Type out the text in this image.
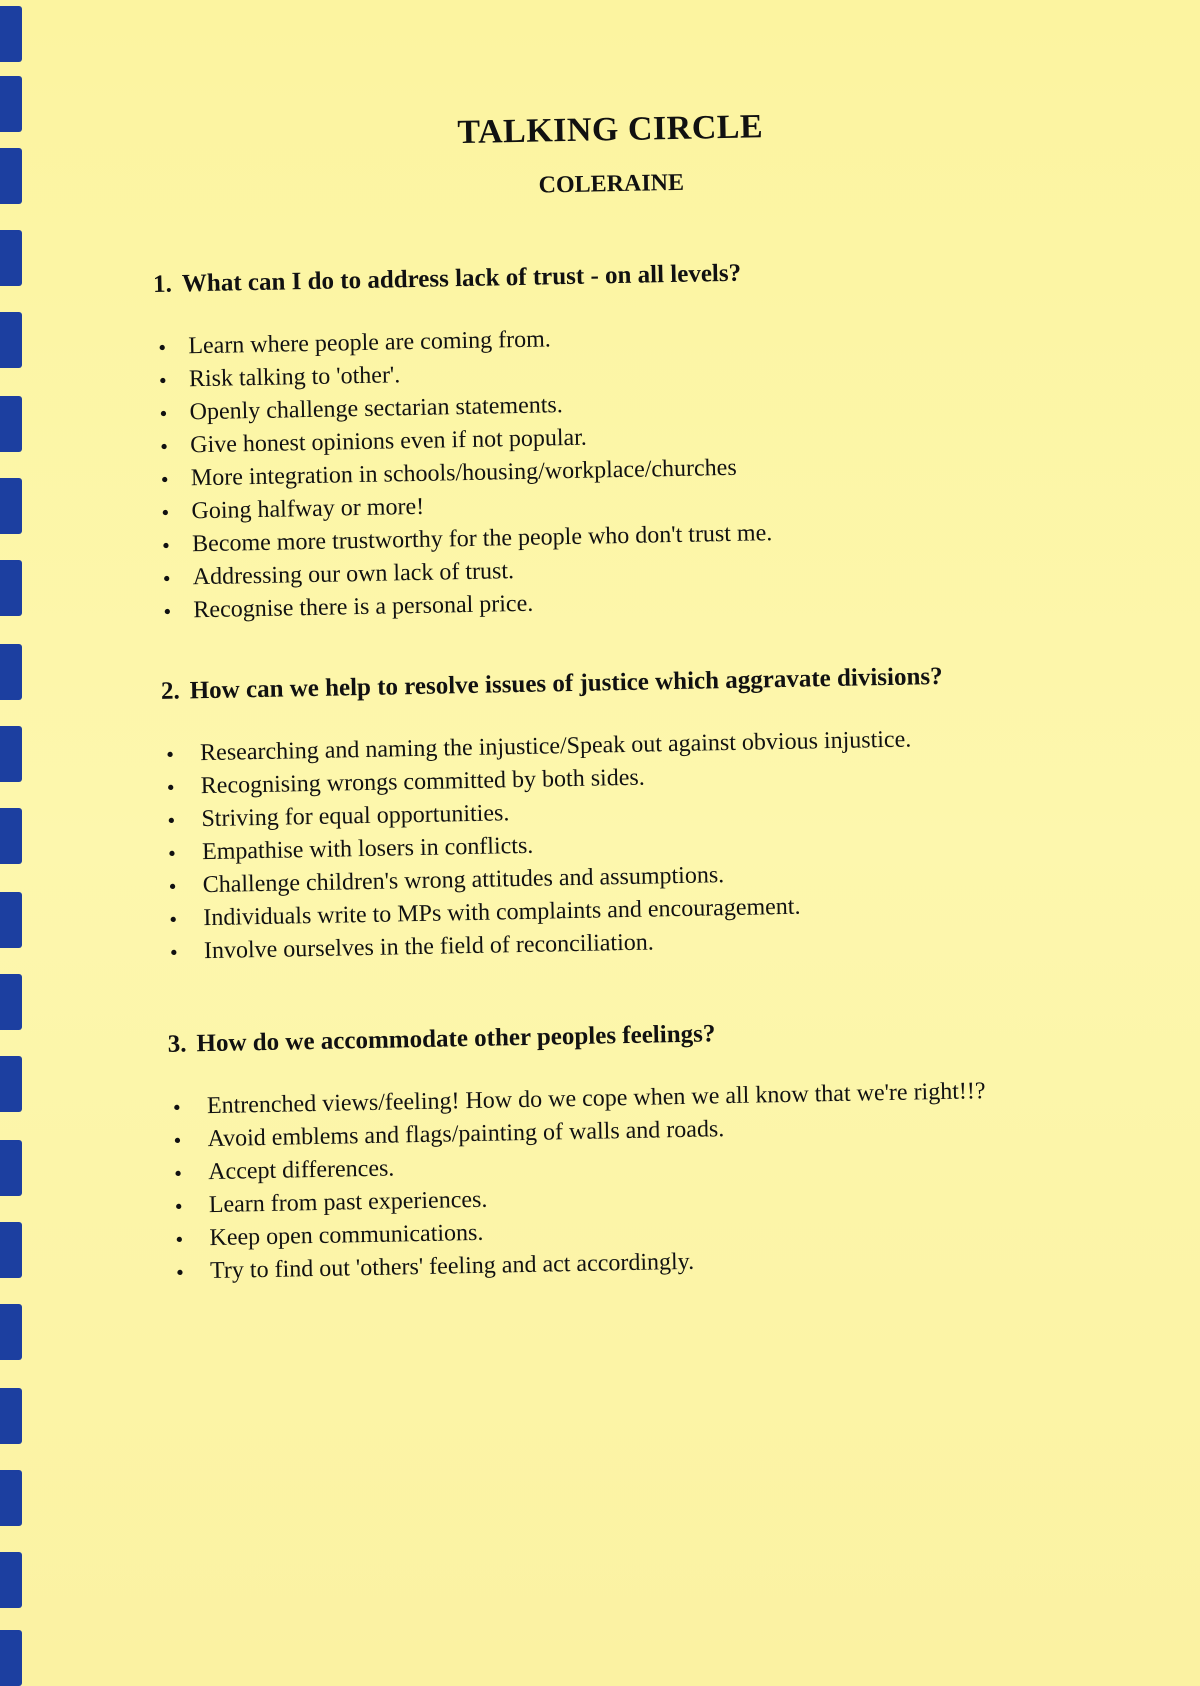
TALKING CIRCLE
COLERAINE

1. What can I do to address lack of trust - on all levels?

• Learn where people are coming from.
• Risk talking to 'other'.
• Openly challenge sectarian statements.
• Give honest opinions even if not popular.
• More integration in schools/housing/workplace/churches
• Going halfway or more!
• Become more trustworthy for the people who don't trust me.
• Addressing our own lack of trust.
• Recognise there is a personal price.

2. How can we help to resolve issues of justice which aggravate divisions?

• Researching and naming the injustice/Speak out against obvious injustice.
• Recognising wrongs committed by both sides.
• Striving for equal opportunities.
• Empathise with losers in conflicts.
• Challenge children's wrong attitudes and assumptions.
• Individuals write to MPs with complaints and encouragement.
• Involve ourselves in the field of reconciliation.

3. How do we accommodate other peoples feelings?

• Entrenched views/feeling! How do we cope when we all know that we're right!!?
• Avoid emblems and flags/painting of walls and roads.
• Accept differences.
• Learn from past experiences.
• Keep open communications.
• Try to find out 'others' feeling and act accordingly.
